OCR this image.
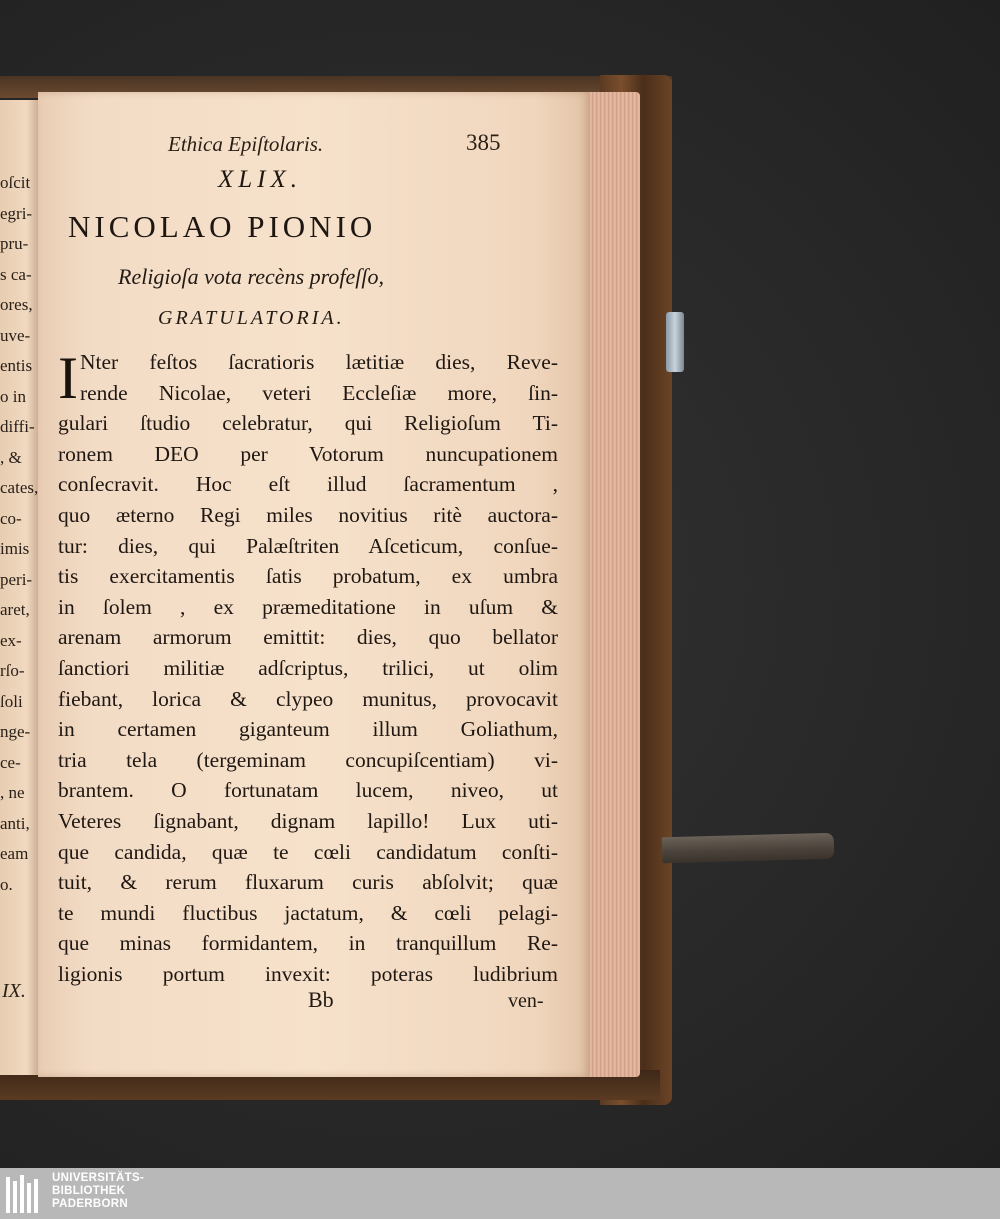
oſcit
egri-
pru-
s ca-
ores,
uve-
entis
o in
diffi-
, &
cates,
co-
imis
peri-
aret,
ex-
rſo-
ſoli
nge-
ce-
, ne
anti,
eam
o.
IX.
Ethica Epiſtolaris.	385
XLIX.
NICOLAO PIONIO
Religioſa vota recèns profeſſo,
GRATULATORIA.
I Nter feſtos ſacratioris lætitiæ dies, Reve-
rende Nicolae, veteri Eccleſiæ more, ſin-
gulari ſtudio celebratur, qui Religioſum Ti-
ronem DEO per Votorum nuncupationem
conſecravit. Hoc eſt illud ſacramentum ,
quo æterno Regi miles novitius ritè auctora-
tur: dies, qui Palæſtriten Aſceticum, conſue-
tis exercitamentis ſatis probatum, ex umbra
in ſolem , ex præmeditatione in uſum &
arenam armorum emittit: dies, quo bellator
ſanctiori militiæ adſcriptus, trilici, ut olim
fiebant, lorica & clypeo munitus, provocavit
in certamen giganteum illum Goliathum,
tria tela (tergeminam concupiſcentiam) vi-
brantem. O fortunatam lucem, niveo, ut
Veteres ſignabant, dignam lapillo! Lux uti-
que candida, quæ te cœli candidatum conſti-
tuit, & rerum fluxarum curis abſolvit; quæ
te mundi fluctibus jactatum, & cœli pelagi-
que minas formidantem, in tranquillum Re-
ligionis portum invexit: poteras ludibrium
Bb	ven-
UNIVERSITÄTS-
BIBLIOTHEK
PADERBORN
